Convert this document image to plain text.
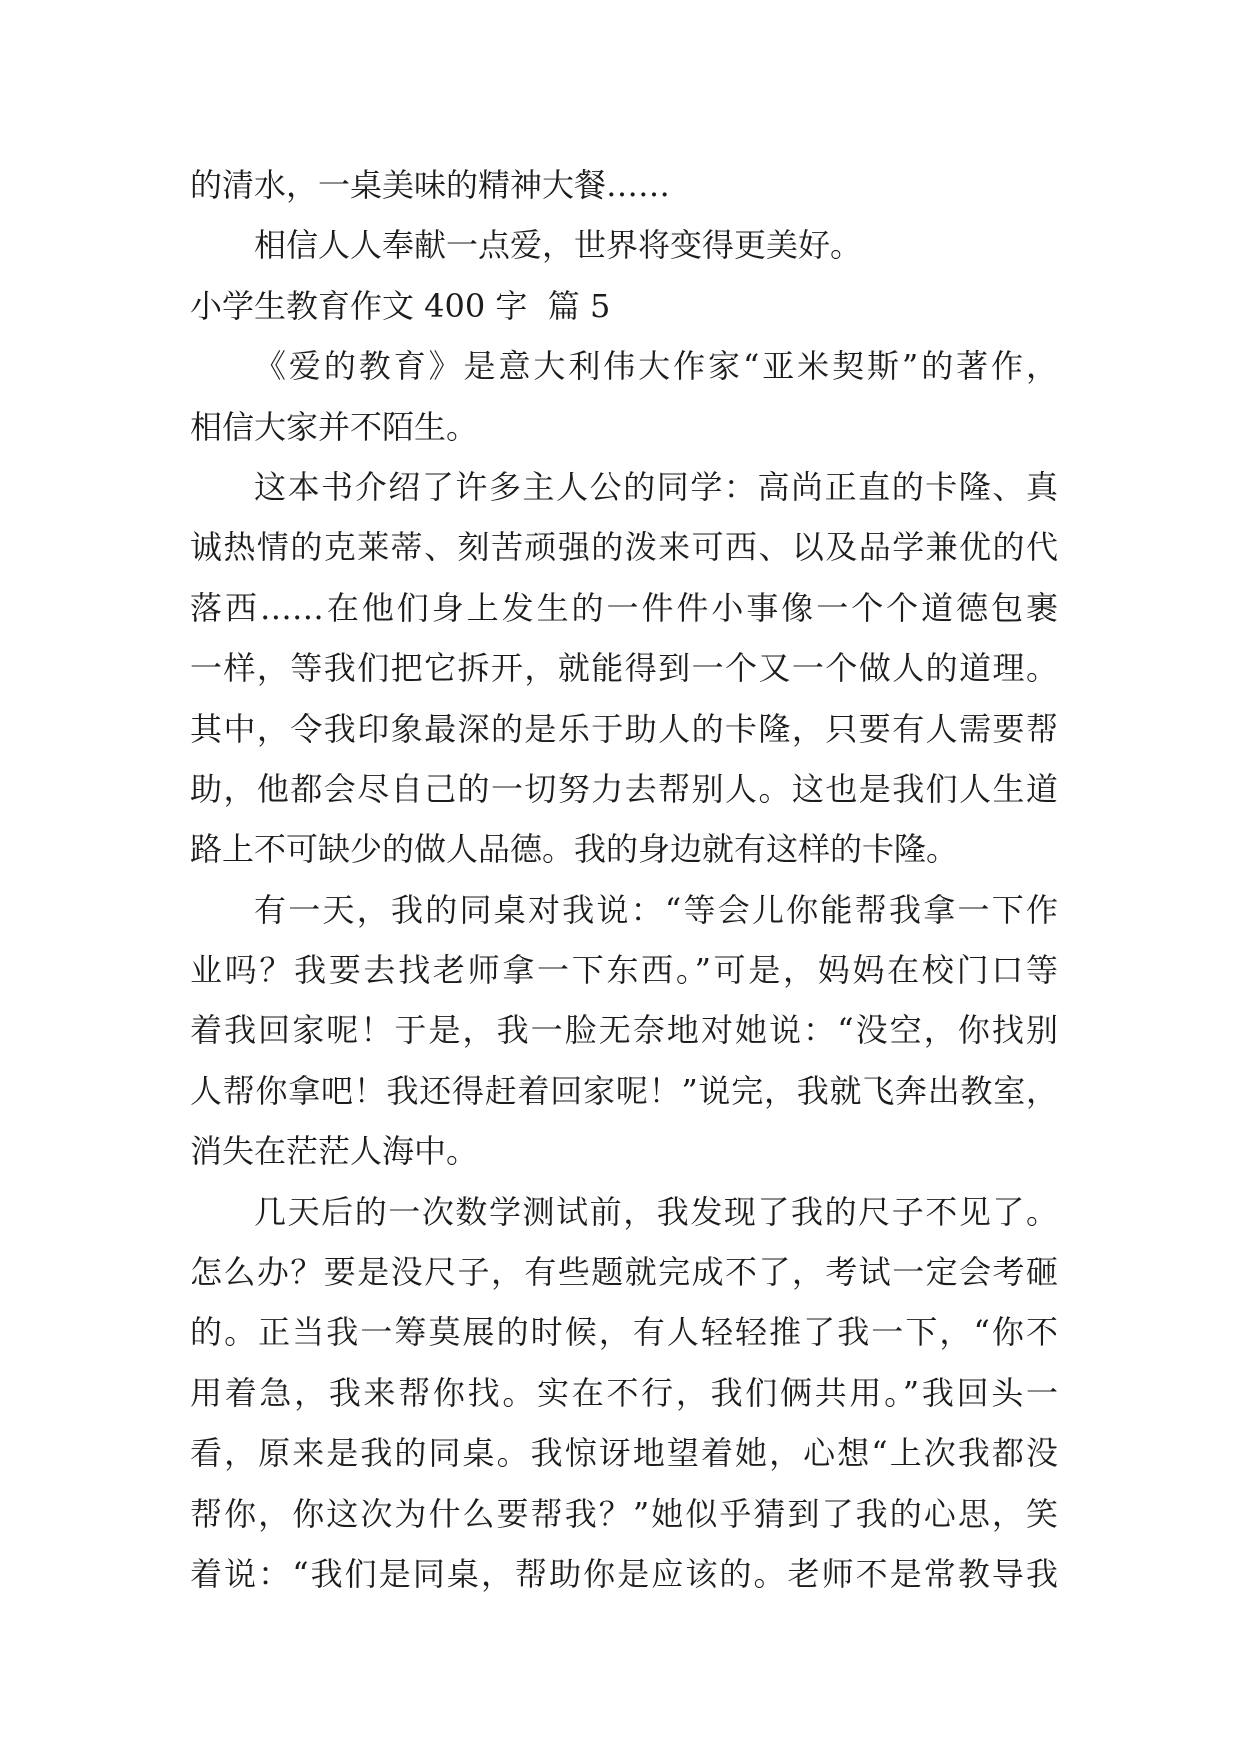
的清水，一桌美味的精神大餐……
相信人人奉献一点爱，世界将变得更美好。
小学生教育作文 400 字  篇 5
《爱的教育》是意大利伟大作家“亚米契斯”的著作，
相信大家并不陌生。
这本书介绍了许多主人公的同学：高尚正直的卡隆、真
诚热情的克莱蒂、刻苦顽强的泼来可西、以及品学兼优的代
落西……在他们身上发生的一件件小事像一个个道德包裹
一样，等我们把它拆开，就能得到一个又一个做人的道理。
其中，令我印象最深的是乐于助人的卡隆，只要有人需要帮
助，他都会尽自己的一切努力去帮别人。这也是我们人生道
路上不可缺少的做人品德。我的身边就有这样的卡隆。
有一天，我的同桌对我说：“等会儿你能帮我拿一下作
业吗？我要去找老师拿一下东西。”可是，妈妈在校门口等
着我回家呢！于是，我一脸无奈地对她说：“没空，你找别
人帮你拿吧！我还得赶着回家呢！”说完，我就飞奔出教室，
消失在茫茫人海中。
几天后的一次数学测试前，我发现了我的尺子不见了。
怎么办？要是没尺子，有些题就完成不了，考试一定会考砸
的。正当我一筹莫展的时候，有人轻轻推了我一下，“你不
用着急，我来帮你找。实在不行，我们俩共用。”我回头一
看，原来是我的同桌。我惊讶地望着她，心想“上次我都没
帮你，你这次为什么要帮我？”她似乎猜到了我的心思，笑
着说：“我们是同桌，帮助你是应该的。老师不是常教导我
